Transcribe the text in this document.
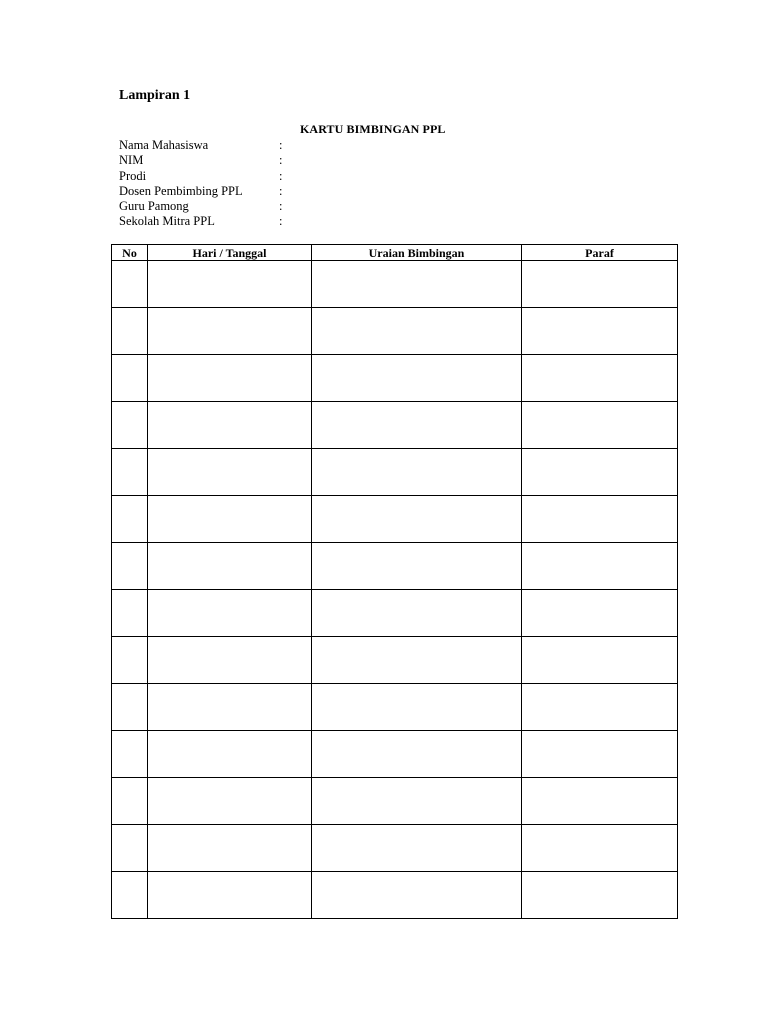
Lampiran 1
KARTU BIMBINGAN PPL
Nama Mahasiswa	:
NIM	:
Prodi	:
Dosen Pembimbing PPL	:
Guru Pamong	:
Sekolah Mitra PPL	:
No	Hari / Tanggal	Uraian Bimbingan	Paraf
